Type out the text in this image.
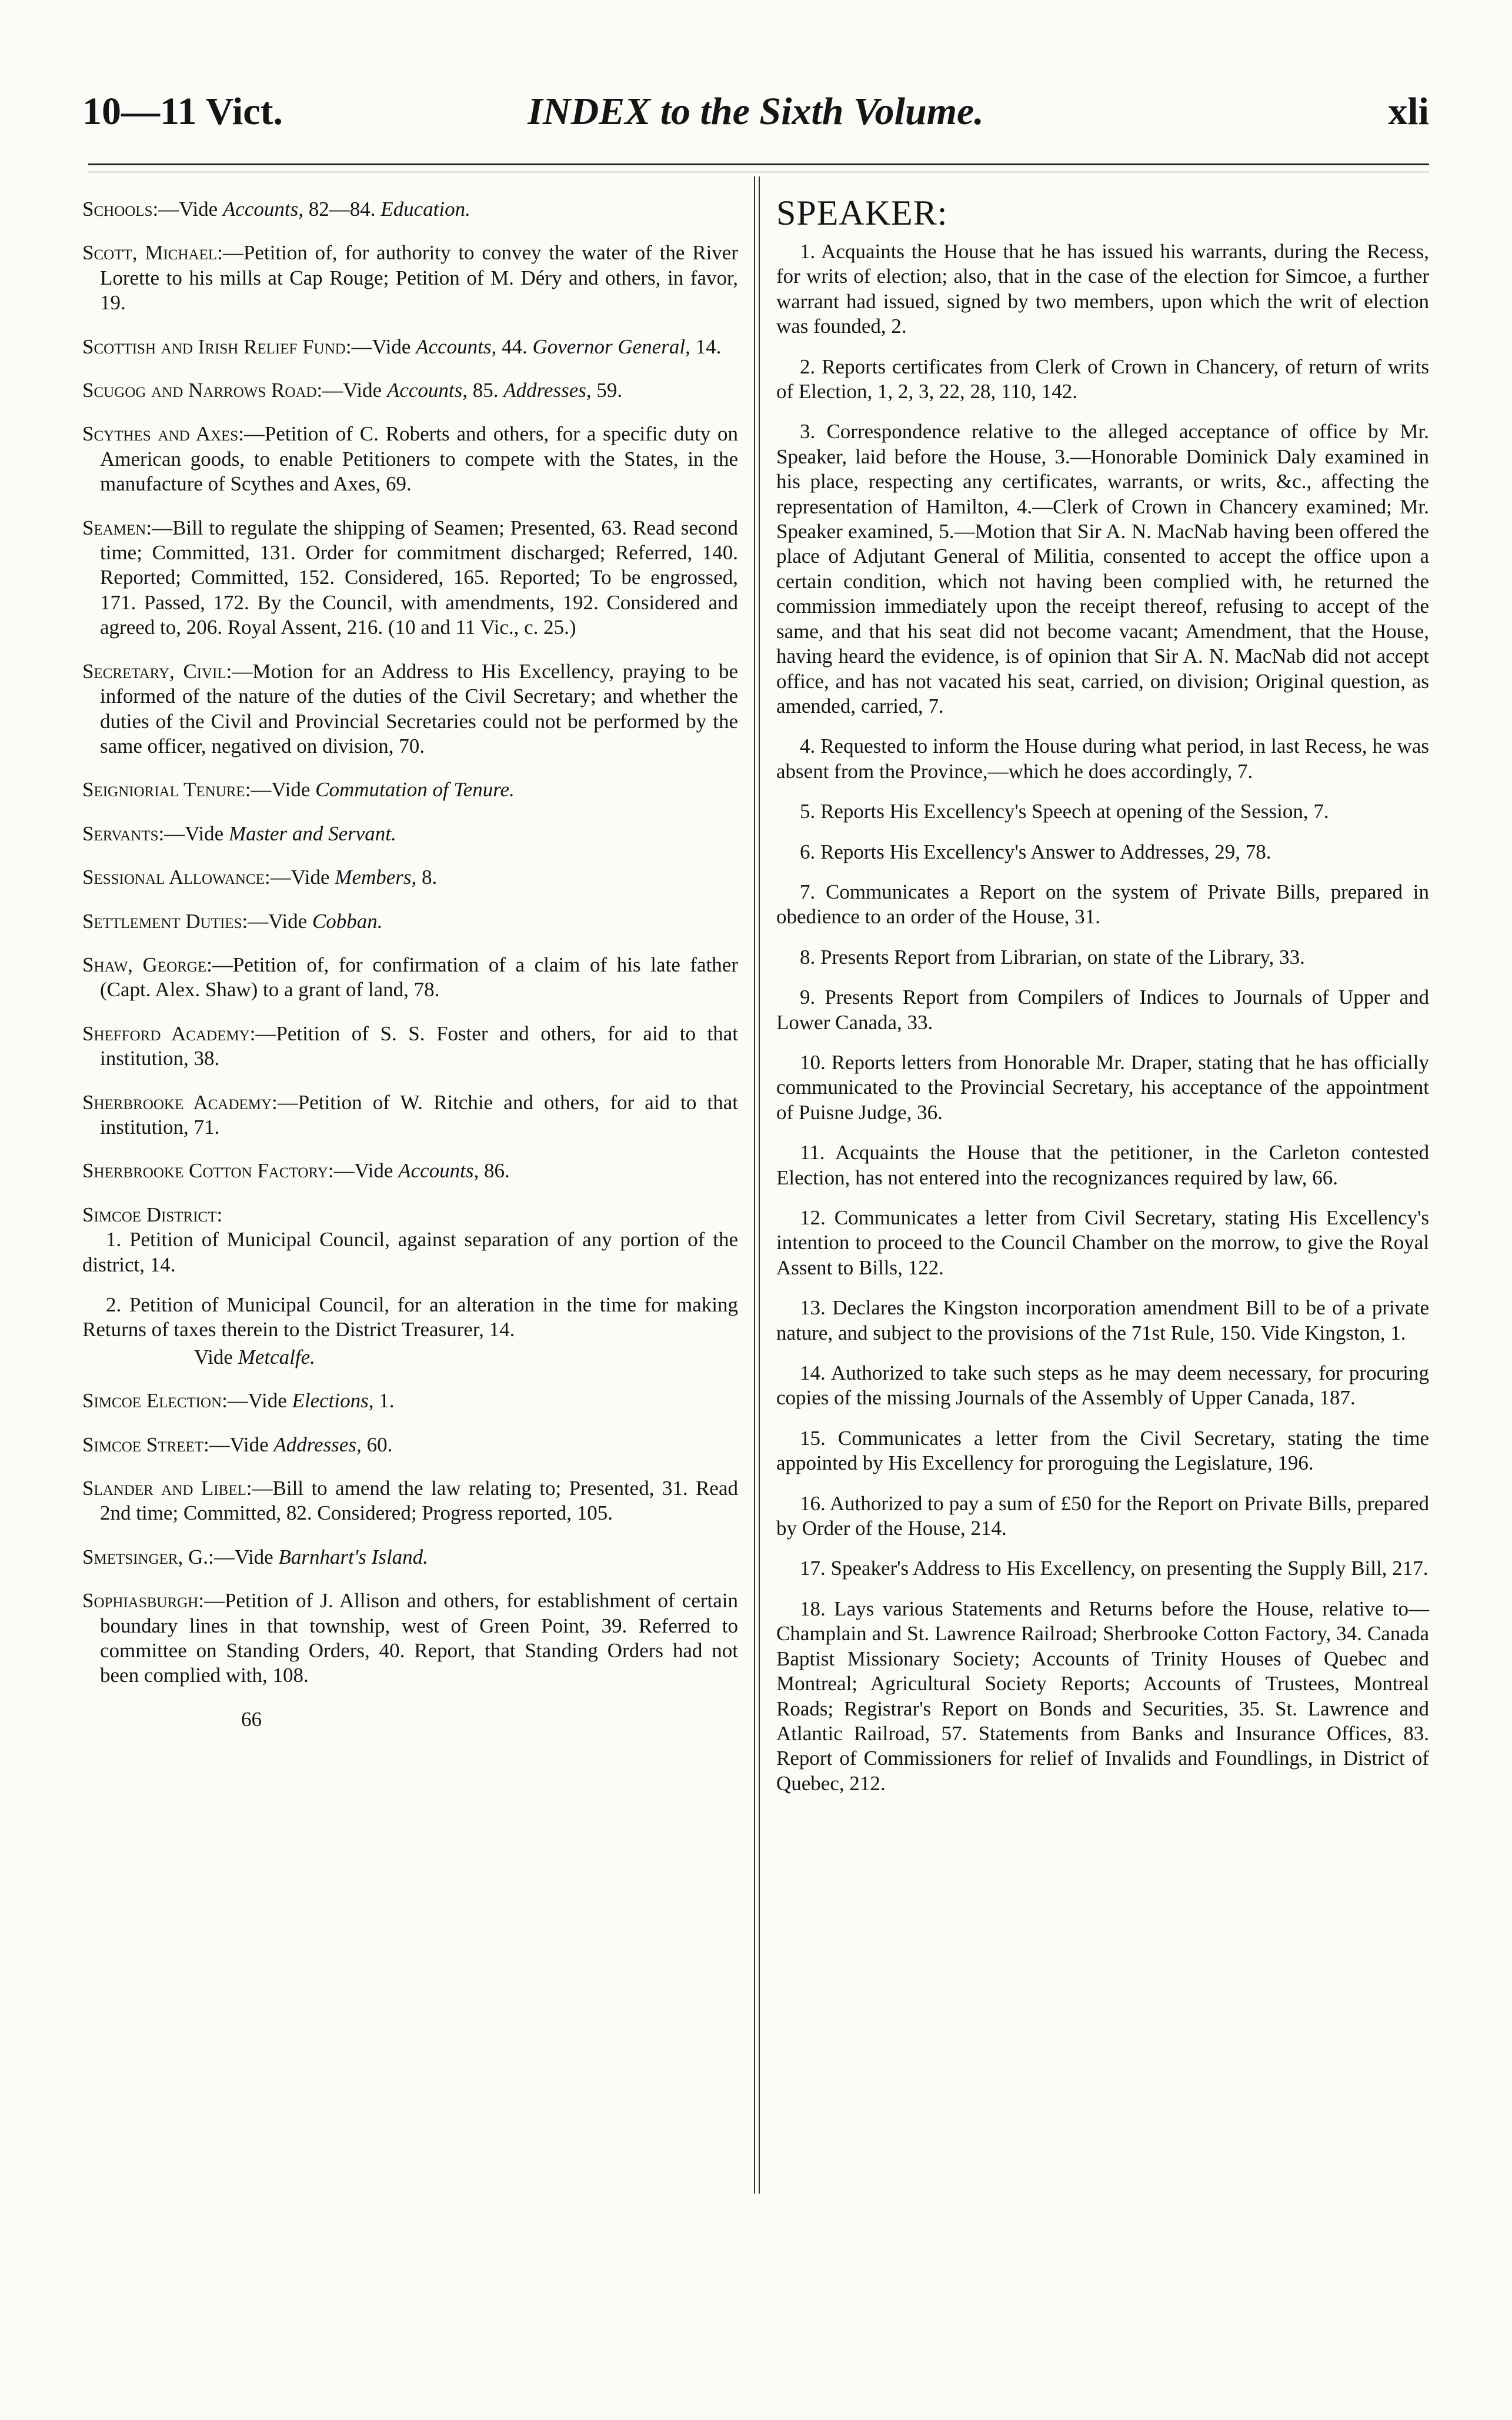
10—11 Vict.	INDEX to the Sixth Volume.	xli
Schools:—Vide Accounts, 82—84. Education.
Scott, Michael:—Petition of, for authority to convey the water of the River Lorette to his mills at Cap Rouge; Petition of M. Déry and others, in favor, 19.
Scottish and Irish Relief Fund:—Vide Accounts, 44. Governor General, 14.
Scugog and Narrows Road:—Vide Accounts, 85. Addresses, 59.
Scythes and Axes:—Petition of C. Roberts and others, for a specific duty on American goods, to enable Petitioners to compete with the States, in the manufacture of Scythes and Axes, 69.
Seamen:—Bill to regulate the shipping of Seamen; Presented, 63. Read second time; Committed, 131. Order for commitment discharged; Referred, 140. Reported; Committed, 152. Considered, 165. Reported; To be engrossed, 171. Passed, 172. By the Council, with amendments, 192. Considered and agreed to, 206. Royal Assent, 216. (10 and 11 Vic., c. 25.)
Secretary, Civil:—Motion for an Address to His Excellency, praying to be informed of the nature of the duties of the Civil Secretary; and whether the duties of the Civil and Provincial Secretaries could not be performed by the same officer, negatived on division, 70.
Seigniorial Tenure:—Vide Commutation of Tenure.
Servants:—Vide Master and Servant.
Sessional Allowance:—Vide Members, 8.
Settlement Duties:—Vide Cobban.
Shaw, George:—Petition of, for confirmation of a claim of his late father (Capt. Alex. Shaw) to a grant of land, 78.
Shefford Academy:—Petition of S. S. Foster and others, for aid to that institution, 38.
Sherbrooke Academy:—Petition of W. Ritchie and others, for aid to that institution, 71.
Sherbrooke Cotton Factory:—Vide Accounts, 86.
Simcoe District:
1. Petition of Municipal Council, against separation of any portion of the district, 14.
2. Petition of Municipal Council, for an alteration in the time for making Returns of taxes therein to the District Treasurer, 14.
Vide Metcalfe.
Simcoe Election:—Vide Elections, 1.
Simcoe Street:—Vide Addresses, 60.
Slander and Libel:—Bill to amend the law relating to; Presented, 31. Read 2nd time; Committed, 82. Considered; Progress reported, 105.
Smetsinger, G.:—Vide Barnhart's Island.
Sophiasburgh:—Petition of J. Allison and others, for establishment of certain boundary lines in that township, west of Green Point, 39. Referred to committee on Standing Orders, 40. Report, that Standing Orders had not been complied with, 108.
66
SPEAKER:
1. Acquaints the House that he has issued his warrants, during the Recess, for writs of election; also, that in the case of the election for Simcoe, a further warrant had issued, signed by two members, upon which the writ of election was founded, 2.
2. Reports certificates from Clerk of Crown in Chancery, of return of writs of Election, 1, 2, 3, 22, 28, 110, 142.
3. Correspondence relative to the alleged acceptance of office by Mr. Speaker, laid before the House, 3.—Honorable Dominick Daly examined in his place, respecting any certificates, warrants, or writs, &c., affecting the representation of Hamilton, 4.—Clerk of Crown in Chancery examined; Mr. Speaker examined, 5.—Motion that Sir A. N. MacNab having been offered the place of Adjutant General of Militia, consented to accept the office upon a certain condition, which not having been complied with, he returned the commission immediately upon the receipt thereof, refusing to accept of the same, and that his seat did not become vacant; Amendment, that the House, having heard the evidence, is of opinion that Sir A. N. MacNab did not accept office, and has not vacated his seat, carried, on division; Original question, as amended, carried, 7.
4. Requested to inform the House during what period, in last Recess, he was absent from the Province,—which he does accordingly, 7.
5. Reports His Excellency's Speech at opening of the Session, 7.
6. Reports His Excellency's Answer to Addresses, 29, 78.
7. Communicates a Report on the system of Private Bills, prepared in obedience to an order of the House, 31.
8. Presents Report from Librarian, on state of the Library, 33.
9. Presents Report from Compilers of Indices to Journals of Upper and Lower Canada, 33.
10. Reports letters from Honorable Mr. Draper, stating that he has officially communicated to the Provincial Secretary, his acceptance of the appointment of Puisne Judge, 36.
11. Acquaints the House that the petitioner, in the Carleton contested Election, has not entered into the recognizances required by law, 66.
12. Communicates a letter from Civil Secretary, stating His Excellency's intention to proceed to the Council Chamber on the morrow, to give the Royal Assent to Bills, 122.
13. Declares the Kingston incorporation amendment Bill to be of a private nature, and subject to the provisions of the 71st Rule, 150. Vide Kingston, 1.
14. Authorized to take such steps as he may deem necessary, for procuring copies of the missing Journals of the Assembly of Upper Canada, 187.
15. Communicates a letter from the Civil Secretary, stating the time appointed by His Excellency for proroguing the Legislature, 196.
16. Authorized to pay a sum of £50 for the Report on Private Bills, prepared by Order of the House, 214.
17. Speaker's Address to His Excellency, on presenting the Supply Bill, 217.
18. Lays various Statements and Returns before the House, relative to—Champlain and St. Lawrence Railroad; Sherbrooke Cotton Factory, 34. Canada Baptist Missionary Society; Accounts of Trinity Houses of Quebec and Montreal; Agricultural Society Reports; Accounts of Trustees, Montreal Roads; Registrar's Report on Bonds and Securities, 35. St. Lawrence and Atlantic Railroad, 57. Statements from Banks and Insurance Offices, 83. Report of Commissioners for relief of Invalids and Foundlings, in District of Quebec, 212.
